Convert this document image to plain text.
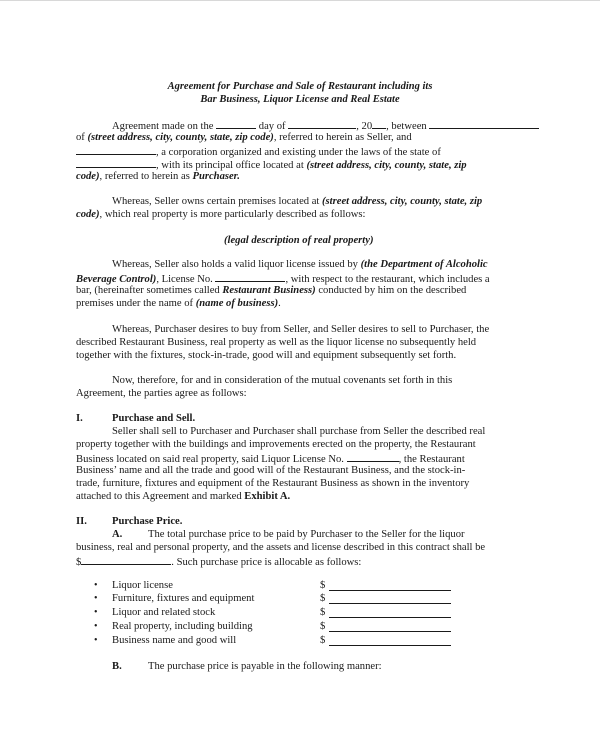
Agreement for Purchase and Sale of Restaurant including its
Bar Business, Liquor License and Real Estate
Agreement made on the	day of	, 20 , between
of (street address, city, county, state, zip code), referred to herein as Seller, and
, a corporation organized and existing under the laws of the state of
, with its principal office located at (street address, city, county, state, zip
code), referred to herein as Purchaser.
Whereas, Seller owns certain premises located at (street address, city, county, state, zip
code), which real property is more particularly described as follows:
(legal description of real property)
Whereas, Seller also holds a valid liquor license issued by (the Department of Alcoholic
Beverage Control), License No.	, with respect to the restaurant, which includes a
bar, (hereinafter sometimes called Restaurant Business) conducted by him on the described
premises under the name of (name of business).
Whereas, Purchaser desires to buy from Seller, and Seller desires to sell to Purchaser, the
described Restaurant Business, real property as well as the liquor license no subsequently held
together with the fixtures, stock-in-trade, good will and equipment subsequently set forth.
Now, therefore, for and in consideration of the mutual covenants set forth in this
Agreement, the parties agree as follows:
I.	Purchase and Sell.
Seller shall sell to Purchaser and Purchaser shall purchase from Seller the described real
property together with the buildings and improvements erected on the property, the Restaurant
Business located on said real property, said Liquor License No.	, the Restaurant
Business’ name and all the trade and good will of the Restaurant Business, and the stock-in-
trade, furniture, fixtures and equipment of the Restaurant Business as shown in the inventory
attached to this Agreement and marked Exhibit A.
II. Purchase Price.
A. The total purchase price to be paid by Purchaser to the Seller for the liquor
business, real and personal property, and the assets and license described in this contract shall be
$	. Such purchase price is allocable as follows:
• Liquor license	$
• Furniture, fixtures and equipment	$
• Liquor and related stock	$
• Real property, including building	$
• Business name and good will	$
B. The purchase price is payable in the following manner:
